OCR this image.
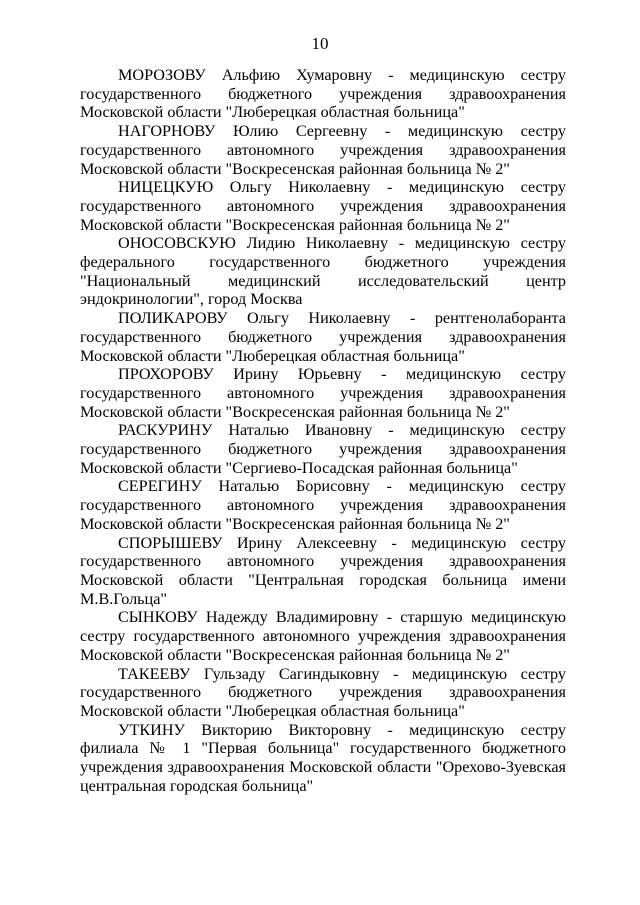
10

МОРОЗОВУ Альфию Хумаровну - медицинскую сестру государственного бюджетного учреждения здравоохранения Московской области "Люберецкая областная больница"

НАГОРНОВУ Юлию Сергеевну - медицинскую сестру государственного автономного учреждения здравоохранения Московской области "Воскресенская районная больница № 2"

НИЦЕЦКУЮ Ольгу Николаевну - медицинскую сестру государственного автономного учреждения здравоохранения Московской области "Воскресенская районная больница № 2"

ОНОСОВСКУЮ Лидию Николаевну - медицинскую сестру федерального государственного бюджетного учреждения "Национальный медицинский исследовательский центр эндокринологии", город Москва

ПОЛИКАРОВУ Ольгу Николаевну - рентгенолаборанта государственного бюджетного учреждения здравоохранения Московской области "Люберецкая областная больница"

ПРОХОРОВУ Ирину Юрьевну - медицинскую сестру государственного автономного учреждения здравоохранения Московской области "Воскресенская районная больница № 2"

РАСКУРИНУ Наталью Ивановну - медицинскую сестру государственного бюджетного учреждения здравоохранения Московской области "Сергиево-Посадская районная больница"

СЕРЕГИНУ Наталью Борисовну - медицинскую сестру государственного автономного учреждения здравоохранения Московской области "Воскресенская районная больница № 2"

СПОРЫШЕВУ Ирину Алексеевну - медицинскую сестру государственного автономного учреждения здравоохранения Московской области "Центральная городская больница имени М.В.Гольца"

СЫНКОВУ Надежду Владимировну - старшую медицинскую сестру государственного автономного учреждения здравоохранения Московской области "Воскресенская районная больница № 2"

ТАКЕЕВУ Гульзаду Сагиндыковну - медицинскую сестру государственного бюджетного учреждения здравоохранения Московской области "Люберецкая областная больница"

УТКИНУ Викторию Викторовну - медицинскую сестру филиала № 1 "Первая больница" государственного бюджетного учреждения здравоохранения Московской области "Орехово-Зуевская центральная городская больница"
